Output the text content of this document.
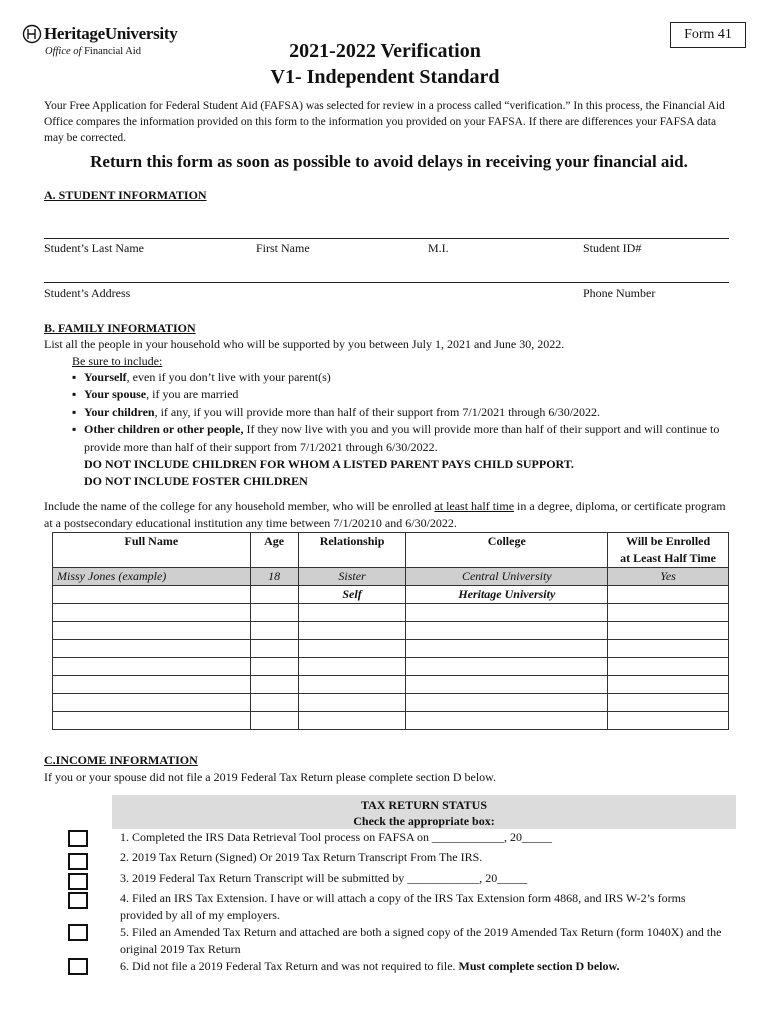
HeritageUniversity
Office of Financial Aid
Form 41
2021-2022 Verification
V1- Independent Standard

Your Free Application for Federal Student Aid (FAFSA) was selected for review in a process called “verification.” In this process, the Financial Aid Office compares the information provided on this form to the information you provided on your FAFSA. If there are differences your FAFSA data may be corrected.

Return this form as soon as possible to avoid delays in receiving your financial aid.
A. STUDENT INFORMATION
Student’s Last Name	First Name	M.I.	Student ID#
Student’s Address	Phone Number
B. FAMILY INFORMATION
List all the people in your household who will be supported by you between July 1, 2021 and June 30, 2022.
Be sure to include:
▪ Yourself, even if you don’t live with your parent(s)
▪ Your spouse, if you are married
▪ Your children, if any, if you will provide more than half of their support from 7/1/2021 through 6/30/2022.
▪ Other children or other people, If they now live with you and you will provide more than half of their support and will continue to provide more than half of their support from 7/1/2021 through 6/30/2022.
DO NOT INCLUDE CHILDREN FOR WHOM A LISTED PARENT PAYS CHILD SUPPORT.
DO NOT INCLUDE FOSTER CHILDREN
Include the name of the college for any household member, who will be enrolled at least half time in a degree, diploma, or certificate program at a postsecondary educational institution any time between 7/1/20210 and 6/30/2022.
Full Name	Age	Relationship	College	Will be Enrolled
at Least Half Time

Missy Jones (example)	18	Sister	Central University	Yes
		Self	Heritage University	

C.INCOME INFORMATION
If you or your spouse did not file a 2019 Federal Tax Return please complete section D below.
TAX RETURN STATUS
Check the appropriate box:
1. Completed the IRS Data Retrieval Tool process on FAFSA on ____________, 20_____
2. 2019 Tax Return (Signed) Or 2019 Tax Return Transcript From The IRS.
3. 2019 Federal Tax Return Transcript will be submitted by ____________, 20_____
4. Filed an IRS Tax Extension. I have or will attach a copy of the IRS Tax Extension form 4868, and IRS W-2’s forms provided by all of my employers.
5. Filed an Amended Tax Return and attached are both a signed copy of the 2019 Amended Tax Return (form 1040X) and the original 2019 Tax Return
6. Did not file a 2019 Federal Tax Return and was not required to file. Must complete section D below.
